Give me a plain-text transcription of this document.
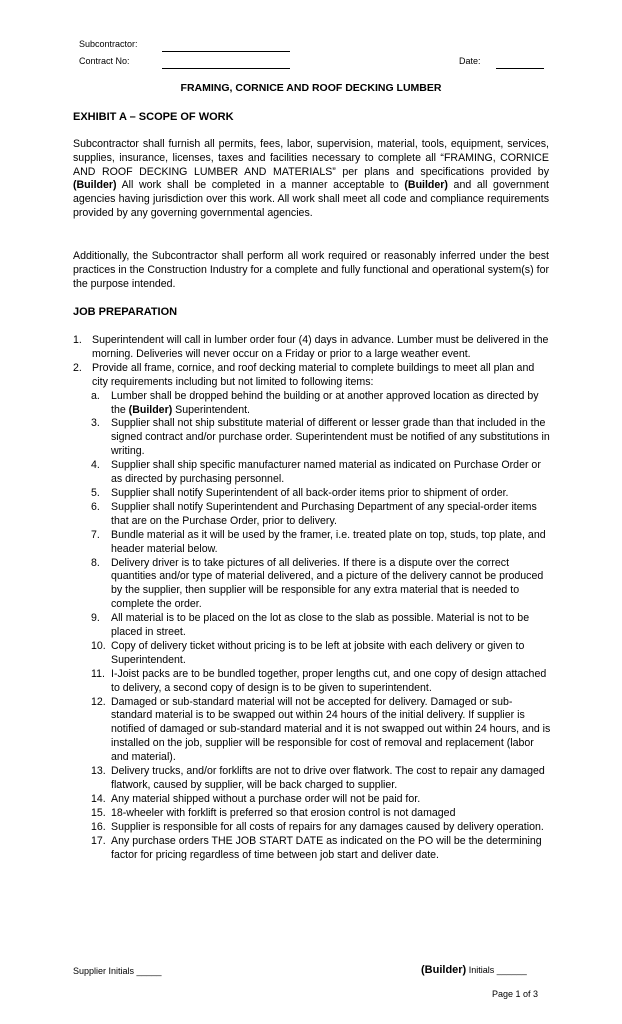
Subcontractor:
Contract No:	Date:
FRAMING, CORNICE AND ROOF DECKING LUMBER
EXHIBIT A – SCOPE OF WORK
Subcontractor shall furnish all permits, fees, labor, supervision, material, tools, equipment, services, supplies, insurance, licenses, taxes and facilities necessary to complete all “FRAMING, CORNICE AND ROOF DECKING LUMBER AND MATERIALS” per plans and specifications provided by (Builder) All work shall be completed in a manner acceptable to (Builder) and all government agencies having jurisdiction over this work. All work shall meet all code and compliance requirements provided by any governing governmental agencies.
Additionally, the Subcontractor shall perform all work required or reasonably inferred under the best practices in the Construction Industry for a complete and fully functional and operational system(s) for the purpose intended.
JOB PREPARATION
1. Superintendent will call in lumber order four (4) days in advance. Lumber must be delivered in the morning. Deliveries will never occur on a Friday or prior to a large weather event.
2. Provide all frame, cornice, and roof decking material to complete buildings to meet all plan and city requirements including but not limited to following items:
a. Lumber shall be dropped behind the building or at another approved location as directed by the (Builder) Superintendent.
3. Supplier shall not ship substitute material of different or lesser grade than that included in the signed contract and/or purchase order. Superintendent must be notified of any substitutions in writing.
4. Supplier shall ship specific manufacturer named material as indicated on Purchase Order or as directed by purchasing personnel.
5. Supplier shall notify Superintendent of all back-order items prior to shipment of order.
6. Supplier shall notify Superintendent and Purchasing Department of any special-order items that are on the Purchase Order, prior to delivery.
7. Bundle material as it will be used by the framer, i.e. treated plate on top, studs, top plate, and header material below.
8. Delivery driver is to take pictures of all deliveries. If there is a dispute over the correct quantities and/or type of material delivered, and a picture of the delivery cannot be produced by the supplier, then supplier will be responsible for any extra material that is needed to complete the order.
9. All material is to be placed on the lot as close to the slab as possible. Material is not to be placed in street.
10. Copy of delivery ticket without pricing is to be left at jobsite with each delivery or given to Superintendent.
11. I-Joist packs are to be bundled together, proper lengths cut, and one copy of design attached to delivery, a second copy of design is to be given to superintendent.
12. Damaged or sub-standard material will not be accepted for delivery. Damaged or sub-standard material is to be swapped out within 24 hours of the initial delivery. If supplier is notified of damaged or sub-standard material and it is not swapped out within 24 hours, and is installed on the job, supplier will be responsible for cost of removal and replacement (labor and material).
13. Delivery trucks, and/or forklifts are not to drive over flatwork. The cost to repair any damaged flatwork, caused by supplier, will be back charged to supplier.
14. Any material shipped without a purchase order will not be paid for.
15. 18-wheeler with forklift is preferred so that erosion control is not damaged
16. Supplier is responsible for all costs of repairs for any damages caused by delivery operation.
17. Any purchase orders THE JOB START DATE as indicated on the PO will be the determining factor for pricing regardless of time between job start and deliver date.
Supplier Initials _____	(Builder) Initials ______
Page 1 of 3
